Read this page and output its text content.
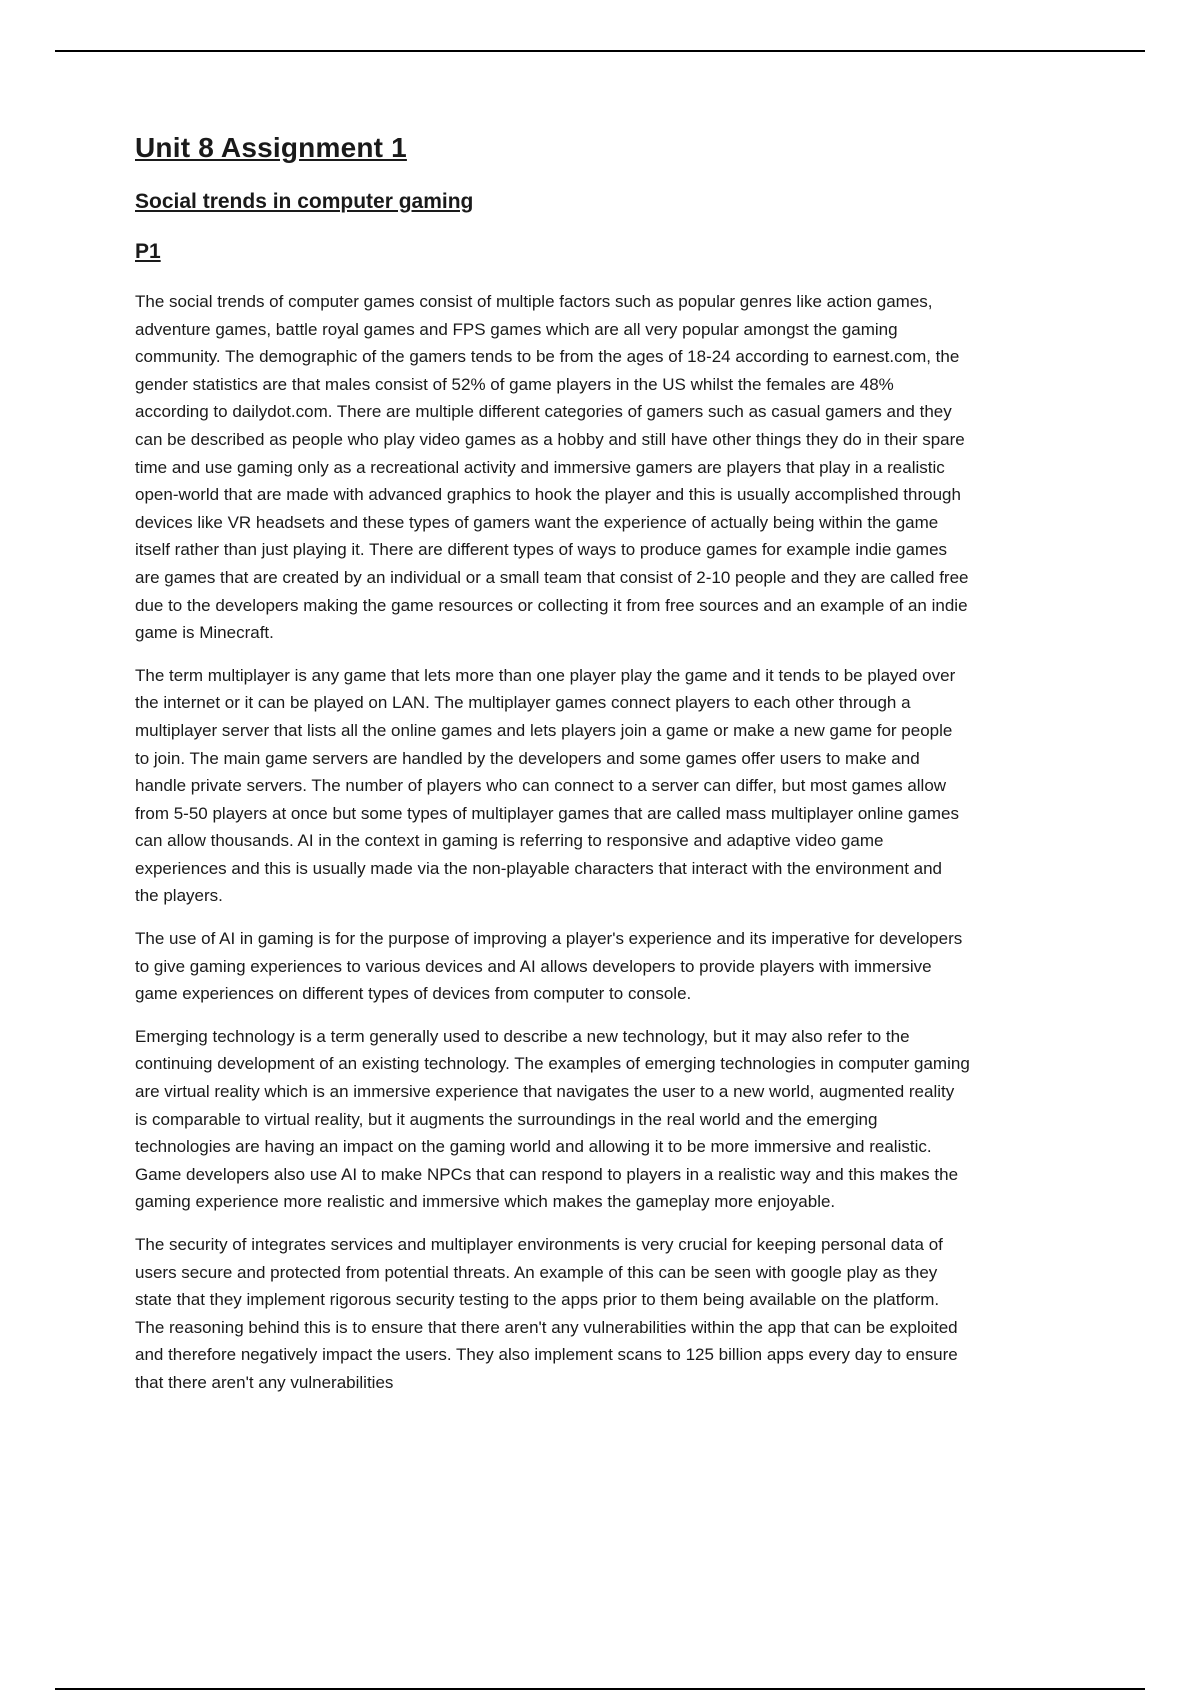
Unit 8 Assignment 1
Social trends in computer gaming
P1

The social trends of computer games consist of multiple factors such as popular genres like action games, adventure games, battle royal games and FPS games which are all very popular amongst the gaming community. The demographic of the gamers tends to be from the ages of 18-24 according to earnest.com, the gender statistics are that males consist of 52% of game players in the US whilst the females are 48% according to dailydot.com. There are multiple different categories of gamers such as casual gamers and they can be described as people who play video games as a hobby and still have other things they do in their spare time and use gaming only as a recreational activity and immersive gamers are players that play in a realistic open-world that are made with advanced graphics to hook the player and this is usually accomplished through devices like VR headsets and these types of gamers want the experience of actually being within the game itself rather than just playing it. There are different types of ways to produce games for example indie games are games that are created by an individual or a small team that consist of 2-10 people and they are called free due to the developers making the game resources or collecting it from free sources and an example of an indie game is Minecraft.

The term multiplayer is any game that lets more than one player play the game and it tends to be played over the internet or it can be played on LAN. The multiplayer games connect players to each other through a multiplayer server that lists all the online games and lets players join a game or make a new game for people to join. The main game servers are handled by the developers and some games offer users to make and handle private servers. The number of players who can connect to a server can differ, but most games allow from 5-50 players at once but some types of multiplayer games that are called mass multiplayer online games can allow thousands. AI in the context in gaming is referring to responsive and adaptive video game experiences and this is usually made via the non-playable characters that interact with the environment and the players.

The use of AI in gaming is for the purpose of improving a player's experience and its imperative for developers to give gaming experiences to various devices and AI allows developers to provide players with immersive game experiences on different types of devices from computer to console.

Emerging technology is a term generally used to describe a new technology, but it may also refer to the continuing development of an existing technology. The examples of emerging technologies in computer gaming are virtual reality which is an immersive experience that navigates the user to a new world, augmented reality is comparable to virtual reality, but it augments the surroundings in the real world and the emerging technologies are having an impact on the gaming world and allowing it to be more immersive and realistic. Game developers also use AI to make NPCs that can respond to players in a realistic way and this makes the gaming experience more realistic and immersive which makes the gameplay more enjoyable.

The security of integrates services and multiplayer environments is very crucial for keeping personal data of users secure and protected from potential threats. An example of this can be seen with google play as they state that they implement rigorous security testing to the apps prior to them being available on the platform. The reasoning behind this is to ensure that there aren't any vulnerabilities within the app that can be exploited and therefore negatively impact the users. They also implement scans to 125 billion apps every day to ensure that there aren't any vulnerabilities
